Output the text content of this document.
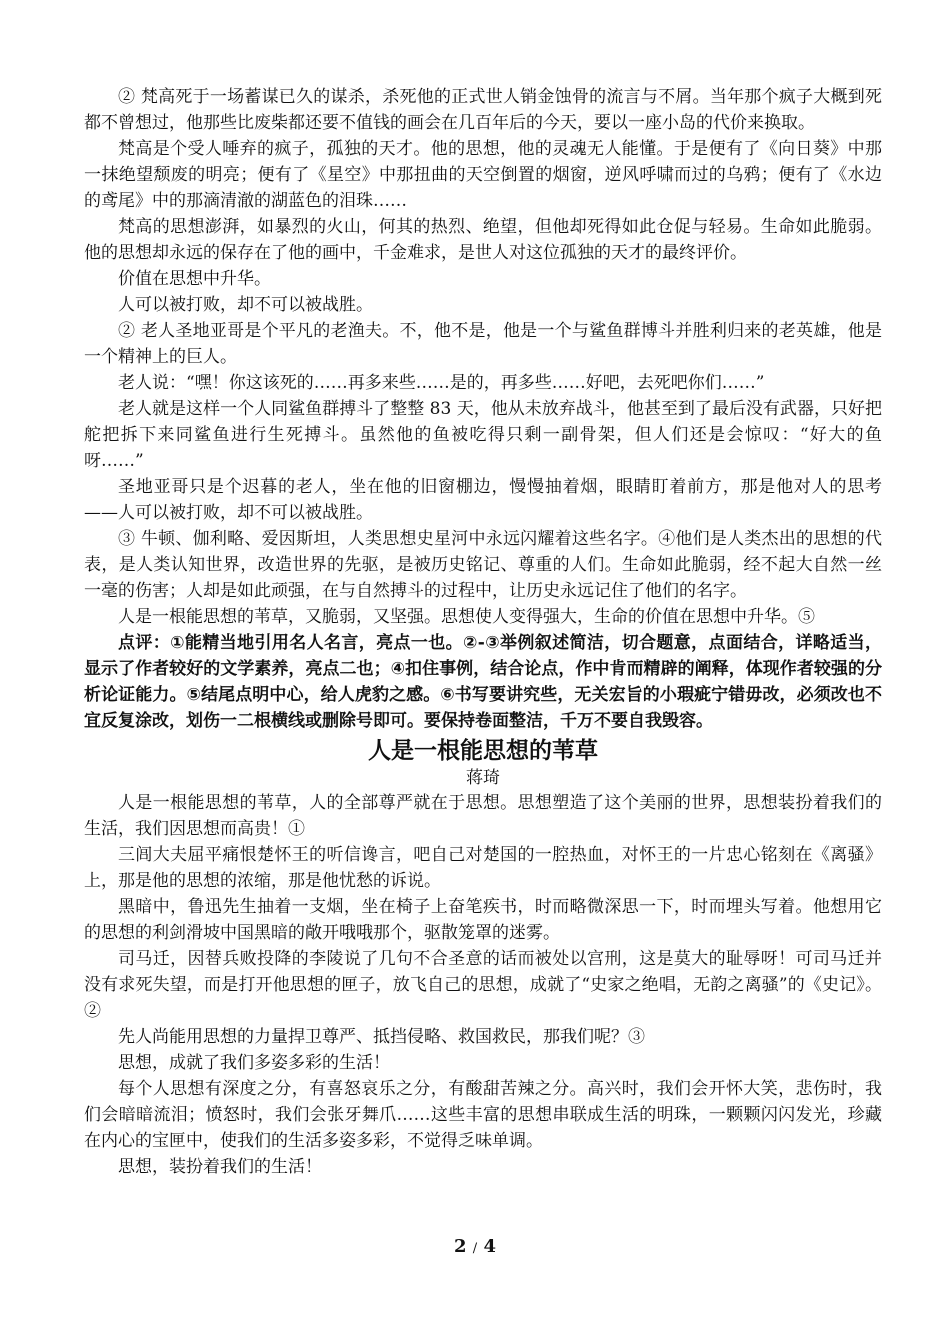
② 梵高死于一场蓄谋已久的谋杀，杀死他的正式世人销金蚀骨的流言与不屑。当年那个疯子大概到死都不曾想过，他那些比废柴都还要不值钱的画会在几百年后的今天，要以一座小岛的代价来换取。

梵高是个受人唾弃的疯子，孤独的天才。他的思想，他的灵魂无人能懂。于是便有了《向日葵》中那一抹绝望颓废的明亮；便有了《星空》中那扭曲的天空倒置的烟窗，逆风呼啸而过的乌鸦；便有了《水边的鸢尾》中的那滴清澈的湖蓝色的泪珠……

梵高的思想澎湃，如暴烈的火山，何其的热烈、绝望，但他却死得如此仓促与轻易。生命如此脆弱。他的思想却永远的保存在了他的画中，千金难求，是世人对这位孤独的天才的最终评价。

价值在思想中升华。

人可以被打败，却不可以被战胜。

② 老人圣地亚哥是个平凡的老渔夫。不，他不是，他是一个与鲨鱼群博斗并胜利归来的老英雄，他是一个精神上的巨人。

老人说：“嘿！你这该死的……再多来些……是的，再多些……好吧，去死吧你们……”

老人就是这样一个人同鲨鱼群搏斗了整整 83 天，他从未放弃战斗，他甚至到了最后没有武器，只好把舵把拆下来同鲨鱼进行生死搏斗。虽然他的鱼被吃得只剩一副骨架，但人们还是会惊叹：“好大的鱼呀……”

圣地亚哥只是个迟暮的老人，坐在他的旧窗棚边，慢慢抽着烟，眼睛盯着前方，那是他对人的思考——人可以被打败，却不可以被战胜。

③ 牛顿、伽利略、爱因斯坦，人类思想史星河中永远闪耀着这些名字。④他们是人类杰出的思想的代表，是人类认知世界，改造世界的先驱，是被历史铭记、尊重的人们。生命如此脆弱，经不起大自然一丝一毫的伤害；人却是如此顽强，在与自然搏斗的过程中，让历史永远记住了他们的名字。

人是一根能思想的苇草，又脆弱，又坚强。思想使人变得强大，生命的价值在思想中升华。⑤

点评：①能精当地引用名人名言，亮点一也。②-③举例叙述简洁，切合题意，点面结合，详略适当，显示了作者较好的文学素养，亮点二也；④扣住事例，结合论点，作中肯而精辟的阐释，体现作者较强的分析论证能力。⑤结尾点明中心，给人虎豹之感。⑥书写要讲究些，无关宏旨的小瑕疵宁错毋改，必须改也不宜反复涂改，划伤一二根横线或删除号即可。要保持卷面整洁，千万不要自我毁容。

人是一根能思想的苇草

蒋琦

人是一根能思想的苇草，人的全部尊严就在于思想。思想塑造了这个美丽的世界，思想装扮着我们的生活，我们因思想而高贵！①

三闾大夫屈平痛恨楚怀王的听信谗言，吧自己对楚国的一腔热血，对怀王的一片忠心铭刻在《离骚》上，那是他的思想的浓缩，那是他忧愁的诉说。

黑暗中，鲁迅先生抽着一支烟，坐在椅子上奋笔疾书，时而略微深思一下，时而埋头写着。他想用它的思想的利剑滑坡中国黑暗的敞开哦哦那个，驱散笼罩的迷雾。

司马迁，因替兵败投降的李陵说了几句不合圣意的话而被处以宫刑，这是莫大的耻辱呀！可司马迁并没有求死失望，而是打开他思想的匣子，放飞自己的思想，成就了“史家之绝唱，无韵之离骚”的《史记》。②

先人尚能用思想的力量捍卫尊严、抵挡侵略、救国救民，那我们呢？③

思想，成就了我们多姿多彩的生活！

每个人思想有深度之分，有喜怒哀乐之分，有酸甜苦辣之分。高兴时，我们会开怀大笑，悲伤时，我们会暗暗流泪；愤怒时，我们会张牙舞爪……这些丰富的思想串联成生活的明珠，一颗颗闪闪发光，珍藏在内心的宝匣中，使我们的生活多姿多彩，不觉得乏味单调。

思想，装扮着我们的生活！

2 / 4
